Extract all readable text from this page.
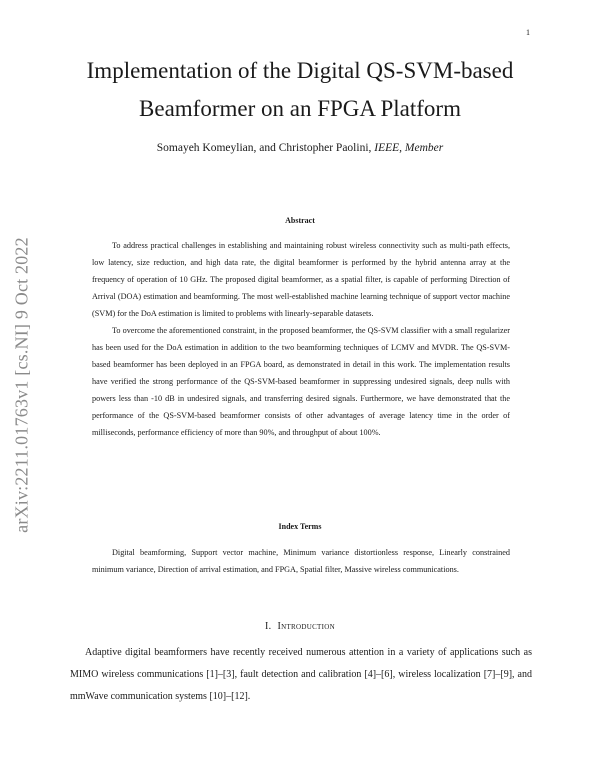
1
arXiv:2211.01763v1 [cs.NI] 9 Oct 2022
Implementation of the Digital QS-SVM-based
Beamformer on an FPGA Platform
Somayeh Komeylian, and Christopher Paolini, IEEE, Member
Abstract

To address practical challenges in establishing and maintaining robust wireless connectivity such as multi-path effects, low latency, size reduction, and high data rate, the digital beamformer is performed by the hybrid antenna array at the frequency of operation of 10 GHz. The proposed digital beamformer, as a spatial filter, is capable of performing Direction of Arrival (DOA) estimation and beamforming. The most well-established machine learning technique of support vector machine (SVM) for the DoA estimation is limited to problems with linearly-separable datasets.

To overcome the aforementioned constraint, in the proposed beamformer, the QS-SVM classifier with a small regularizer has been used for the DoA estimation in addition to the two beamforming techniques of LCMV and MVDR. The QS-SVM-based beamformer has been deployed in an FPGA board, as demonstrated in detail in this work. The implementation results have verified the strong performance of the QS-SVM-based beamformer in suppressing undesired signals, deep nulls with powers less than -10 dB in undesired signals, and transferring desired signals. Furthermore, we have demonstrated that the performance of the QS-SVM-based beamformer consists of other advantages of average latency time in the order of milliseconds, performance efficiency of more than 90%, and throughput of about 100%.

Index Terms

Digital beamforming, Support vector machine, Minimum variance distortionless response, Linearly constrained minimum variance, Direction of arrival estimation, and FPGA, Spatial filter, Massive wireless communications.

I. Introduction

Adaptive digital beamformers have recently received numerous attention in a variety of applications such as MIMO wireless communications [1]–[3], fault detection and calibration [4]–[6], wireless localization [7]–[9], and mmWave communication systems [10]–[12].
